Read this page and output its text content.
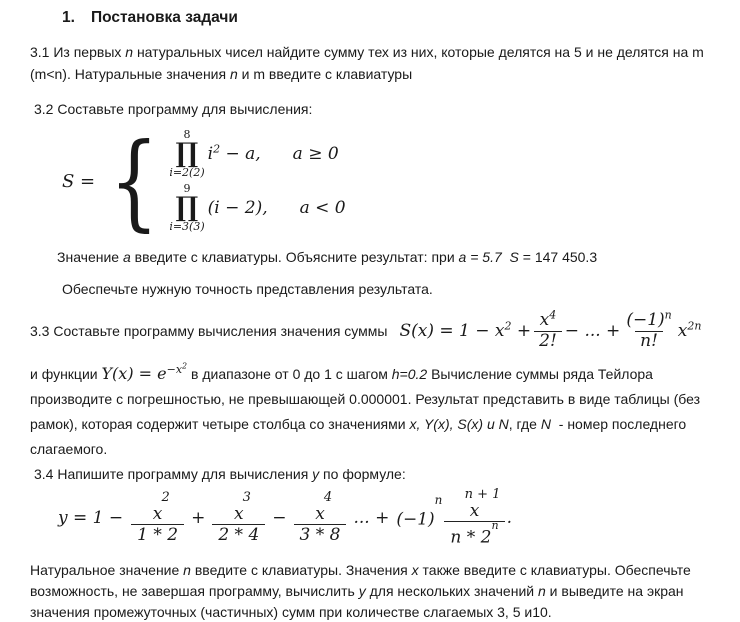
1. Постановка задачи

3.1 Из первых n натуральных чисел найдите сумму тех из них, которые делятся на 5 и не делятся на m (m<n). Натуральные значения n и m введите с клавиатуры

3.2 Составьте программу для вычисления:

S = { 8
∏
i=2(2)
$i^2 - a$, a ≥ 0
9
∏
i=3(3)
(i − 2), a < 0

Значение a введите с клавиатуры. Объясните результат: при a = 5.7  S = 147 450.3

Обеспечьте нужную точность представления результата.

3.3 Составьте программу вычисления значения суммы $S(x) = 1 - x^2 + \frac{x^4}{2!}$ − ... + $\frac{(-1)^n}{n!} x^{2n}$

и функции $Y(x) = e^{-x^2}$ в диапазоне от 0 до 1 с шагом h=0.2 Вычисление суммы ряда Тейлора производите с погрешностью, не превышающей 0.000001. Результат представить в виде таблицы (без рамок), которая содержит четыре столбца со значениями x, Y(x), S(x) и N, где N  - номер последнего слагаемого.

3.4 Напишите программу для вычисления y по формуле:

y = 1 −
2
x
1 * 2
+
3
x
2 * 4
−
4
x
3 * 8
... + $(-1)^n$ n + 1
x
n * 2$^n$ .

Натуральное значение n введите с клавиатуры. Значения x также введите с клавиатуры. Обеспечьте возможность, не завершая программу, вычислить y для нескольких значений n и выведите на экран значения промежуточных (частичных) сумм при количестве слагаемых 3, 5 и10.
